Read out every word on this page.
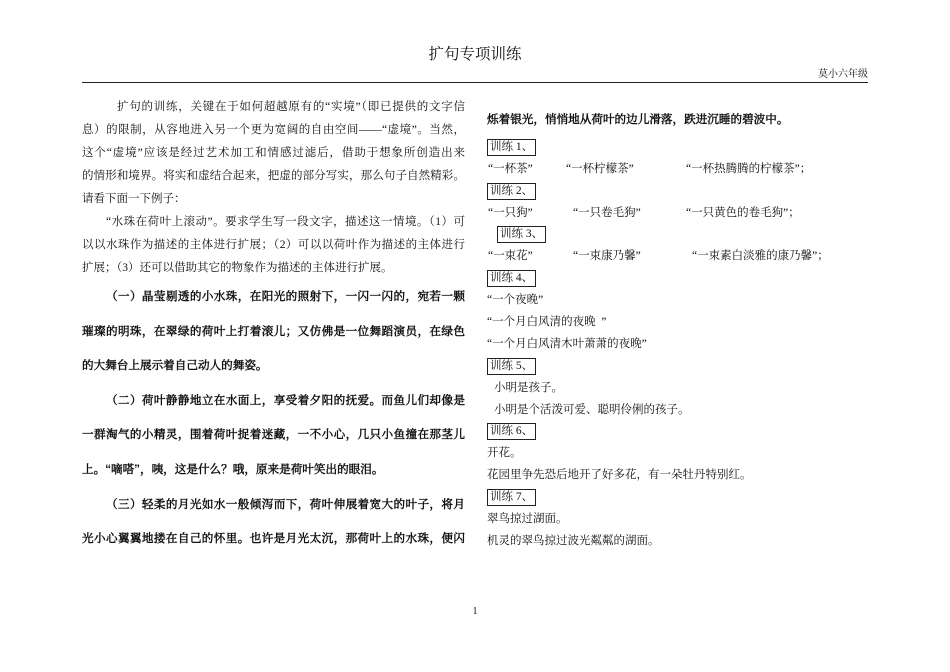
扩句专项训练
莫小六年级
扩句的训练，关键在于如何超越原有的“实境”（即已提供的文字信
息）的限制，从容地进入另一个更为宽阔的自由空间——“虚境”。当然，
这个“虚境”应该是经过艺术加工和情感过滤后，借助于想象所创造出来
的情形和境界。将实和虚结合起来，把虚的部分写实，那么句子自然精彩。
请看下面一下例子：
“水珠在荷叶上滚动”。要求学生写一段文字，描述这一情境。（1）可
以以水珠作为描述的主体进行扩展；（2）可以以荷叶作为描述的主体进行
扩展；（3）还可以借助其它的物象作为描述的主体进行扩展。
（一）晶莹剔透的小水珠，在阳光的照射下，一闪一闪的，宛若一颗
璀璨的明珠，在翠绿的荷叶上打着滚儿；又仿佛是一位舞蹈演员，在绿色
的大舞台上展示着自己动人的舞姿。
（二）荷叶静静地立在水面上，享受着夕阳的抚爱。而鱼儿们却像是
一群淘气的小精灵，围着荷叶捉着迷藏，一不小心，几只小鱼撞在那茎儿
上。“嘀嗒”，咦，这是什么？哦，原来是荷叶笑出的眼泪。
（三）轻柔的月光如水一般倾泻而下，荷叶伸展着宽大的叶子，将月
光小心翼翼地搂在自己的怀里。也许是月光太沉，那荷叶上的水珠，便闪
烁着银光，悄悄地从荷叶的边儿滑落，跌进沉睡的碧波中。
训练 1、

“一杯茶”

	“一杯柠檬茶”

	“一杯热腾腾的柠檬茶”；

训练 2、

“一只狗”

	“一只卷毛狗”

	“一只黄色的卷毛狗”；

训练 3、

“一束花”

	“一束康乃馨”

	“一束素白淡雅的康乃馨”；

训练 4、
“一个夜晚”
“一个月白风清的夜晚  ”
“一个月白风清木叶萧萧的夜晚”
训练 5、
小明是孩子。
小明是个活泼可爱、聪明伶俐的孩子。
训练 6、
开花。
花园里争先恐后地开了好多花，有一朵牡丹特别红。
训练 7、
翠鸟掠过湖面。
机灵的翠鸟掠过波光粼粼的湖面。
1
